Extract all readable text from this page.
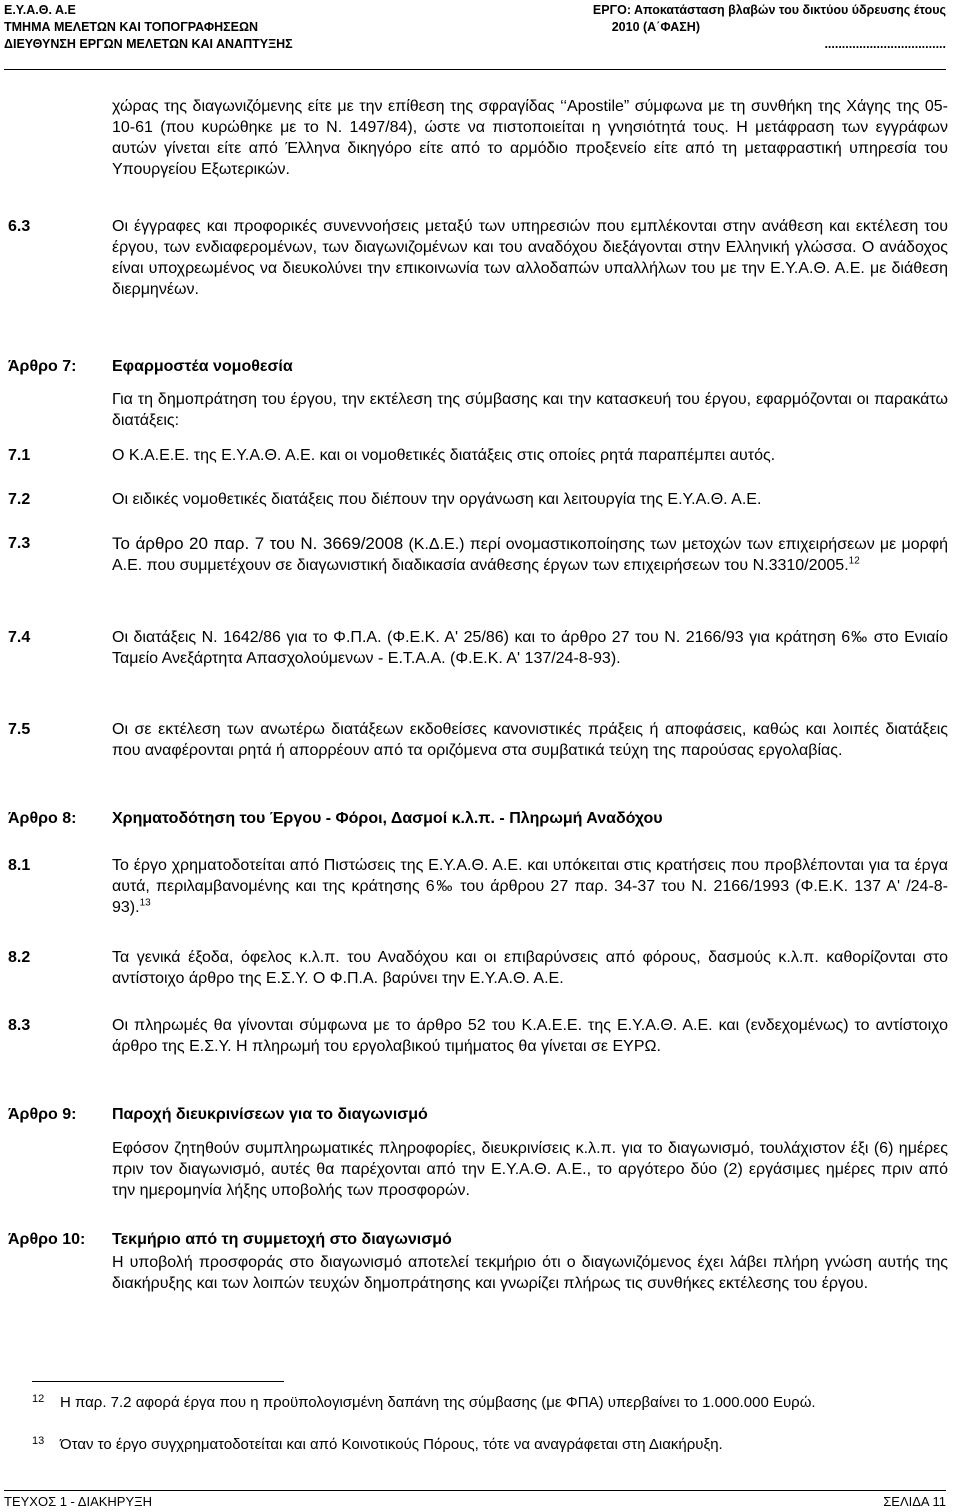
Ε.Υ.Α.Θ. Α.Ε	ΕΡΓΟ: Αποκατάσταση βλαβών του δικτύου ύδρευσης έτους
ΤΜΗΜΑ ΜΕΛΕΤΩΝ ΚΑΙ ΤΟΠΟΓΡΑΦΗΣΕΩΝ	2010 (Α΄ΦΑΣΗ)
ΔΙΕΥΘΥΝΣΗ ΕΡΓΩΝ ΜΕΛΕΤΩΝ ΚΑΙ ΑΝΑΠΤΥΞΗΣ	...................................
χώρας της διαγωνιζόμενης είτε με την επίθεση της σφραγίδας ‘‘Apostile” σύμφωνα με τη συνθήκη της Χάγης της 05-10-61 (που κυρώθηκε με το Ν. 1497/84), ώστε να πιστοποιείται η γνησιότητά τους. Η μετάφραση των εγγράφων αυτών γίνεται είτε από Έλληνα δικηγόρο είτε από το αρμόδιο προξενείο είτε από τη μεταφραστική υπηρεσία του Υπουργείου Εξωτερικών.
6.3	Οι έγγραφες και προφορικές συνεννοήσεις μεταξύ των υπηρεσιών που εμπλέκονται στην ανάθεση και εκτέλεση του έργου, των ενδιαφερομένων, των διαγωνιζομένων και του αναδόχου διεξάγονται στην Ελληνική γλώσσα. Ο ανάδοχος είναι υποχρεωμένος να διευκολύνει την επικοινωνία των αλλοδαπών υπαλλήλων του με την Ε.Υ.Α.Θ. Α.Ε. με διάθεση διερμηνέων.
Άρθρο 7: Εφαρμοστέα νομοθεσία
Για τη δημοπράτηση του έργου, την εκτέλεση της σύμβασης και την κατασκευή του έργου, εφαρμόζονται οι παρακάτω διατάξεις:
7.1	Ο Κ.Α.Ε.Ε. της Ε.Υ.Α.Θ. Α.Ε. και οι νομοθετικές διατάξεις στις οποίες ρητά παραπέμπει αυτός.
7.2	Οι ειδικές νομοθετικές διατάξεις που διέπουν την οργάνωση και λειτουργία της Ε.Υ.Α.Θ. Α.Ε.
7.3	Το άρθρο 20 παρ. 7 του Ν. 3669/2008 (Κ.Δ.Ε.) περί ονομαστικοποίησης των μετοχών των επιχειρήσεων με μορφή Α.Ε. που συμμετέχουν σε διαγωνιστική διαδικασία ανάθεσης έργων των επιχειρήσεων του Ν.3310/2005.12
7.4	Οι διατάξεις Ν. 1642/86 για το Φ.Π.Α. (Φ.Ε.Κ. Α' 25/86) και το άρθρο 27 του Ν. 2166/93 για κράτηση 6‰ στο Ενιαίο Ταμείο Ανεξάρτητα Απασχολούμενων - Ε.Τ.Α.Α. (Φ.Ε.Κ. Α' 137/24-8-93).
7.5	Οι σε εκτέλεση των ανωτέρω διατάξεων εκδοθείσες κανονιστικές πράξεις ή αποφάσεις, καθώς και λοιπές διατάξεις που αναφέρονται ρητά ή απορρέουν από τα οριζόμενα στα συμβατικά τεύχη της παρούσας εργολαβίας.
Άρθρο 8: Χρηματοδότηση του Έργου - Φόροι, Δασμοί κ.λ.π. - Πληρωμή Αναδόχου
8.1	Το έργο χρηματοδοτείται από Πιστώσεις της Ε.Υ.Α.Θ. Α.Ε. και υπόκειται στις κρατήσεις που προβλέπονται για τα έργα αυτά, περιλαμβανομένης και της κράτησης 6‰ του άρθρου 27 παρ. 34-37 του Ν. 2166/1993 (Φ.Ε.Κ. 137 Α' /24-8-93).$^{13}$
8.2	Τα γενικά έξοδα, όφελος κ.λ.π. του Αναδόχου και οι επιβαρύνσεις από φόρους, δασμούς κ.λ.π. καθορίζονται στο αντίστοιχο άρθρο της Ε.Σ.Υ. Ο Φ.Π.Α. βαρύνει την Ε.Υ.Α.Θ. Α.Ε.
8.3	Οι πληρωμές θα γίνονται σύμφωνα με το άρθρο 52 του Κ.Α.Ε.Ε. της Ε.Υ.Α.Θ. Α.Ε. και (ενδεχομένως) το αντίστοιχο άρθρο της Ε.Σ.Υ. Η πληρωμή του εργολαβικού τιμήματος θα γίνεται σε ΕΥΡΩ.
Άρθρο 9: Παροχή διευκρινίσεων για το διαγωνισμό
Εφόσον ζητηθούν συμπληρωματικές πληροφορίες, διευκρινίσεις κ.λ.π. για το διαγωνισμό, τουλάχιστον έξι (6) ημέρες πριν τον διαγωνισμό, αυτές θα παρέχονται από την Ε.Υ.Α.Θ. Α.Ε., το αργότερο δύο (2) εργάσιμες ημέρες πριν από την ημερομηνία λήξης υποβολής των προσφορών.
Άρθρο 10: Τεκμήριο από τη συμμετοχή στο διαγωνισμό
Η υποβολή προσφοράς στο διαγωνισμό αποτελεί τεκμήριο ότι ο διαγωνιζόμενος έχει λάβει πλήρη γνώση αυτής της διακήρυξης και των λοιπών τευχών δημοπράτησης και γνωρίζει πλήρως τις συνθήκες εκτέλεσης του έργου.
12 Η παρ. 7.2 αφορά έργα που η προϋπολογισμένη δαπάνη της σύμβασης (με ΦΠΑ) υπερβαίνει το 1.000.000 Ευρώ.
13 Όταν το έργο συγχρηματοδοτείται και από Κοινοτικούς Πόρους, τότε να αναγράφεται στη Διακήρυξη.
ΤΕΥΧΟΣ 1 - ΔΙΑΚΗΡΥΞΗ	ΣΕΛΙΔΑ 11
